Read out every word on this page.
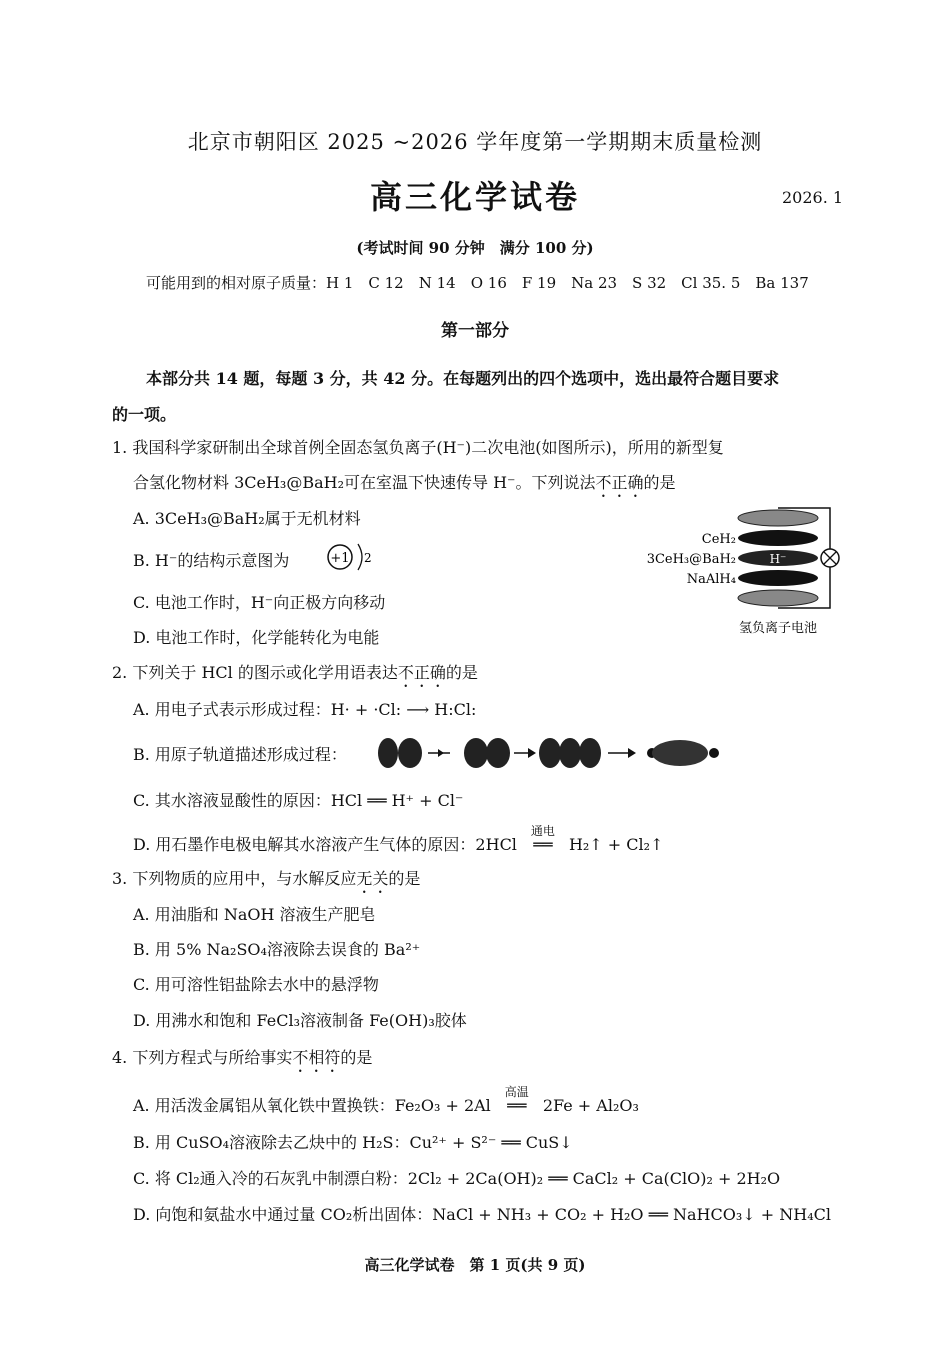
北京市朝阳区 2025 ~2026 学年度第一学期期末质量检测
高三化学试卷	2026. 1
(考试时间 90 分钟　满分 100 分)
可能用到的相对原子质量：H 1　C 12　N 14　O 16　F 19　Na 23　S 32　Cl 35. 5　Ba 137
第一部分
本部分共 14 题，每题 3 分，共 42 分。在每题列出的四个选项中，选出最符合题目要求
的一项。
1. 我国科学家研制出全球首例全固态氢负离子(H⁻)二次电池(如图所示)，所用的新型复
合氢化物材料 3CeH₃@BaH₂可在室温下快速传导 H⁻。下列说法不正确的是
A. 3CeH₃@BaH₂属于无机材料
B. H⁻的结构示意图为	+1 2
C. 电池工作时，H⁻向正极方向移动
D. 电池工作时，化学能转化为电能
H⁻
CeH₂
3CeH₃@BaH₂
NaAlH₄
氢负离子电池
2. 下列关于 HCl 的图示或化学用语表达不正确的是
A. 用电子式表示形成过程：H· + ·Cl: ⟶ H:Cl:
B. 用原子轨道描述形成过程：
C. 其水溶液显酸性的原因：HCl ══ H⁺ + Cl⁻
D. 用石墨作电极电解其水溶液产生气体的原因：2HCl
通电
══ H₂↑ + Cl₂↑
3. 下列物质的应用中，与水解反应无关的是
A. 用油脂和 NaOH 溶液生产肥皂
B. 用 5% Na₂SO₄溶液除去误食的 Ba²⁺
C. 用可溶性铝盐除去水中的悬浮物
D. 用沸水和饱和 FeCl₃溶液制备 Fe(OH)₃胶体
4. 下列方程式与所给事实不相符的是
A. 用活泼金属铝从氧化铁中置换铁：Fe₂O₃ + 2Al
高温
══ 2Fe + Al₂O₃
B. 用 CuSO₄溶液除去乙炔中的 H₂S：Cu²⁺ + S²⁻ ══ CuS↓
C. 将 Cl₂通入冷的石灰乳中制漂白粉：2Cl₂ + 2Ca(OH)₂ ══ CaCl₂ + Ca(ClO)₂ + 2H₂O
D. 向饱和氨盐水中通过量 CO₂析出固体：NaCl + NH₃ + CO₂ + H₂O ══ NaHCO₃↓ + NH₄Cl
高三化学试卷　第 1 页(共 9 页)
